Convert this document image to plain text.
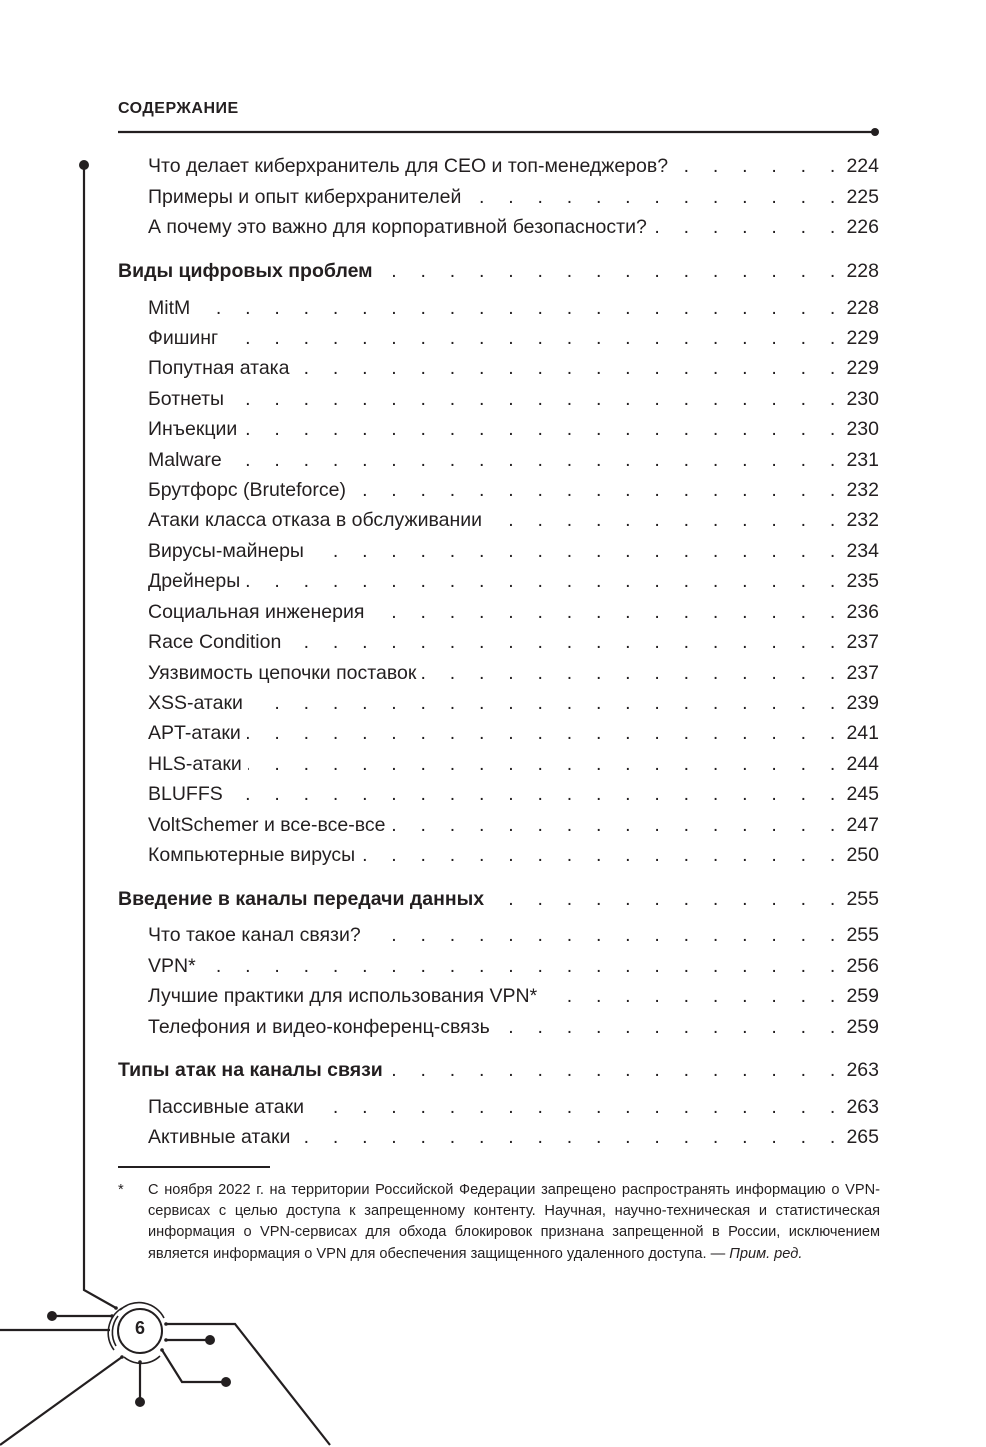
СОДЕРЖАНИЕ
Что делает киберхранитель для CEO и топ-менеджеров? . . .	224
Примеры и опыт киберхранителей . . .	225
А почему это важно для корпоративной безопасности? . . .	226
Виды цифровых проблем . . .	228
MitM . . .	228
Фишинг . . .	229
Попутная атака . . .	229
Ботнеты . . .	230
Инъекции . . .	230
Malware . . .	231
Брутфорс (Bruteforce) . . .	232
Атаки класса отказа в обслуживании . . .	232
Вирусы-майнеры . . .	234
Дрейнеры . . .	235
Социальная инженерия . . .	236
Race Condition . . .	237
Уязвимость цепочки поставок . . .	237
XSS-атаки . . .	239
APT-атаки . . .	241
HLS-атаки . . .	244
BLUFFS . . .	245
VoltSchemer и все-все-все . . .	247
Компьютерные вирусы . . .	250
Введение в каналы передачи данных . . .	255
Что такое канал связи? . . .	255
VPN* . . .	256
Лучшие практики для использования VPN* . . .	259
Телефония и видео-конференц-связь . . .	259
Типы атак на каналы связи . . .	263
Пассивные атаки . . .	263
Активные атаки . . .	265
* С ноября 2022 г. на территории Российской Федерации запрещено распространять информацию о VPN-сервисах с целью доступа к запрещенному контенту. Научная, научно-техническая и статистическая информация о VPN-сервисах для обхода блокировок признана запрещенной в России, исключением является информация о VPN для обеспечения защищенного удаленного доступа. — Прим. ред.
6
